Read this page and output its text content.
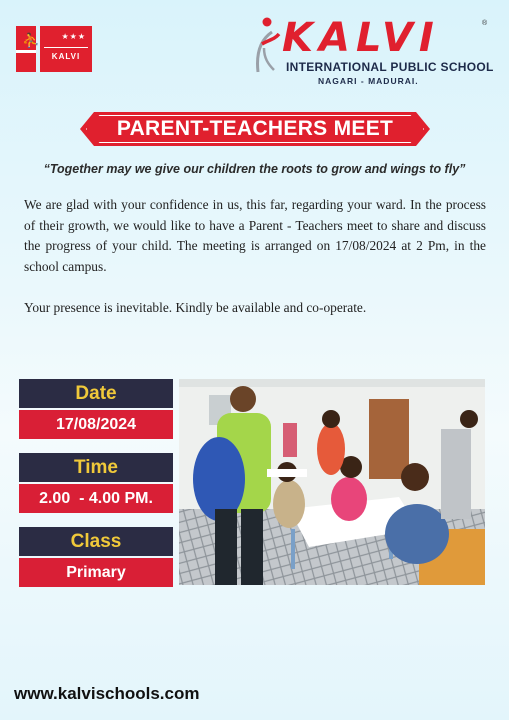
⛹	★★★
KALVI	KALVI	®
INTERNATIONAL PUBLIC SCHOOL
NAGARI - MADURAI.
PARENT-TEACHERS MEET
“Together may we give our children the roots to grow and wings to fly”

We are glad with your confidence in us, this far, regarding your ward. In the process of their growth, we would like to have a Parent - Teachers meet to share and discuss the progress of your child. The meeting is arranged on 17/08/2024 at 2 Pm, in the school campus.

Your presence is inevitable. Kindly be available and co-operate.

Date
17/08/2024
Time
2.00  - 4.00 PM.
Class
Primary
www.kalvischools.com
